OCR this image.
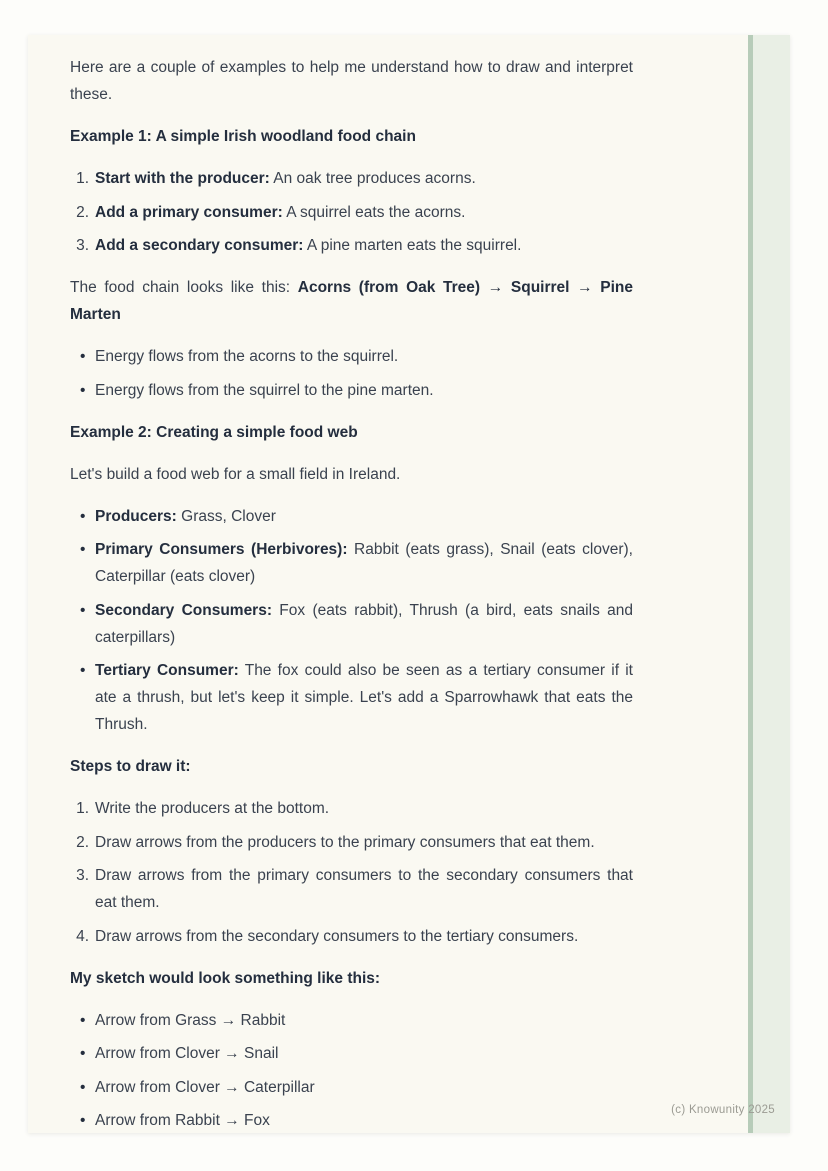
Here are a couple of examples to help me understand how to draw and interpret these.

Example 1: A simple Irish woodland food chain
Start with the producer: An oak tree produces acorns.
Add a primary consumer: A squirrel eats the acorns.
Add a secondary consumer: A pine marten eats the squirrel.

The food chain looks like this: Acorns (from Oak Tree) → Squirrel → Pine Marten

• Energy flows from the acorns to the squirrel.
• Energy flows from the squirrel to the pine marten.
Example 2: Creating a simple food web

Let's build a food web for a small field in Ireland.

• Producers: Grass, Clover
• Primary Consumers (Herbivores): Rabbit (eats grass), Snail (eats clover), Caterpillar (eats clover)
• Secondary Consumers: Fox (eats rabbit), Thrush (a bird, eats snails and caterpillars)
• Tertiary Consumer: The fox could also be seen as a tertiary consumer if it ate a thrush, but let's keep it simple. Let's add a Sparrowhawk that eats the Thrush.
Steps to draw it:
Write the producers at the bottom.
Draw arrows from the producers to the primary consumers that eat them.
Draw arrows from the primary consumers to the secondary consumers that eat them.
Draw arrows from the secondary consumers to the tertiary consumers.
My sketch would look something like this:
• Arrow from Grass → Rabbit
• Arrow from Clover → Snail
• Arrow from Clover → Caterpillar
• Arrow from Rabbit → Fox
(c) Knowunity 2025
